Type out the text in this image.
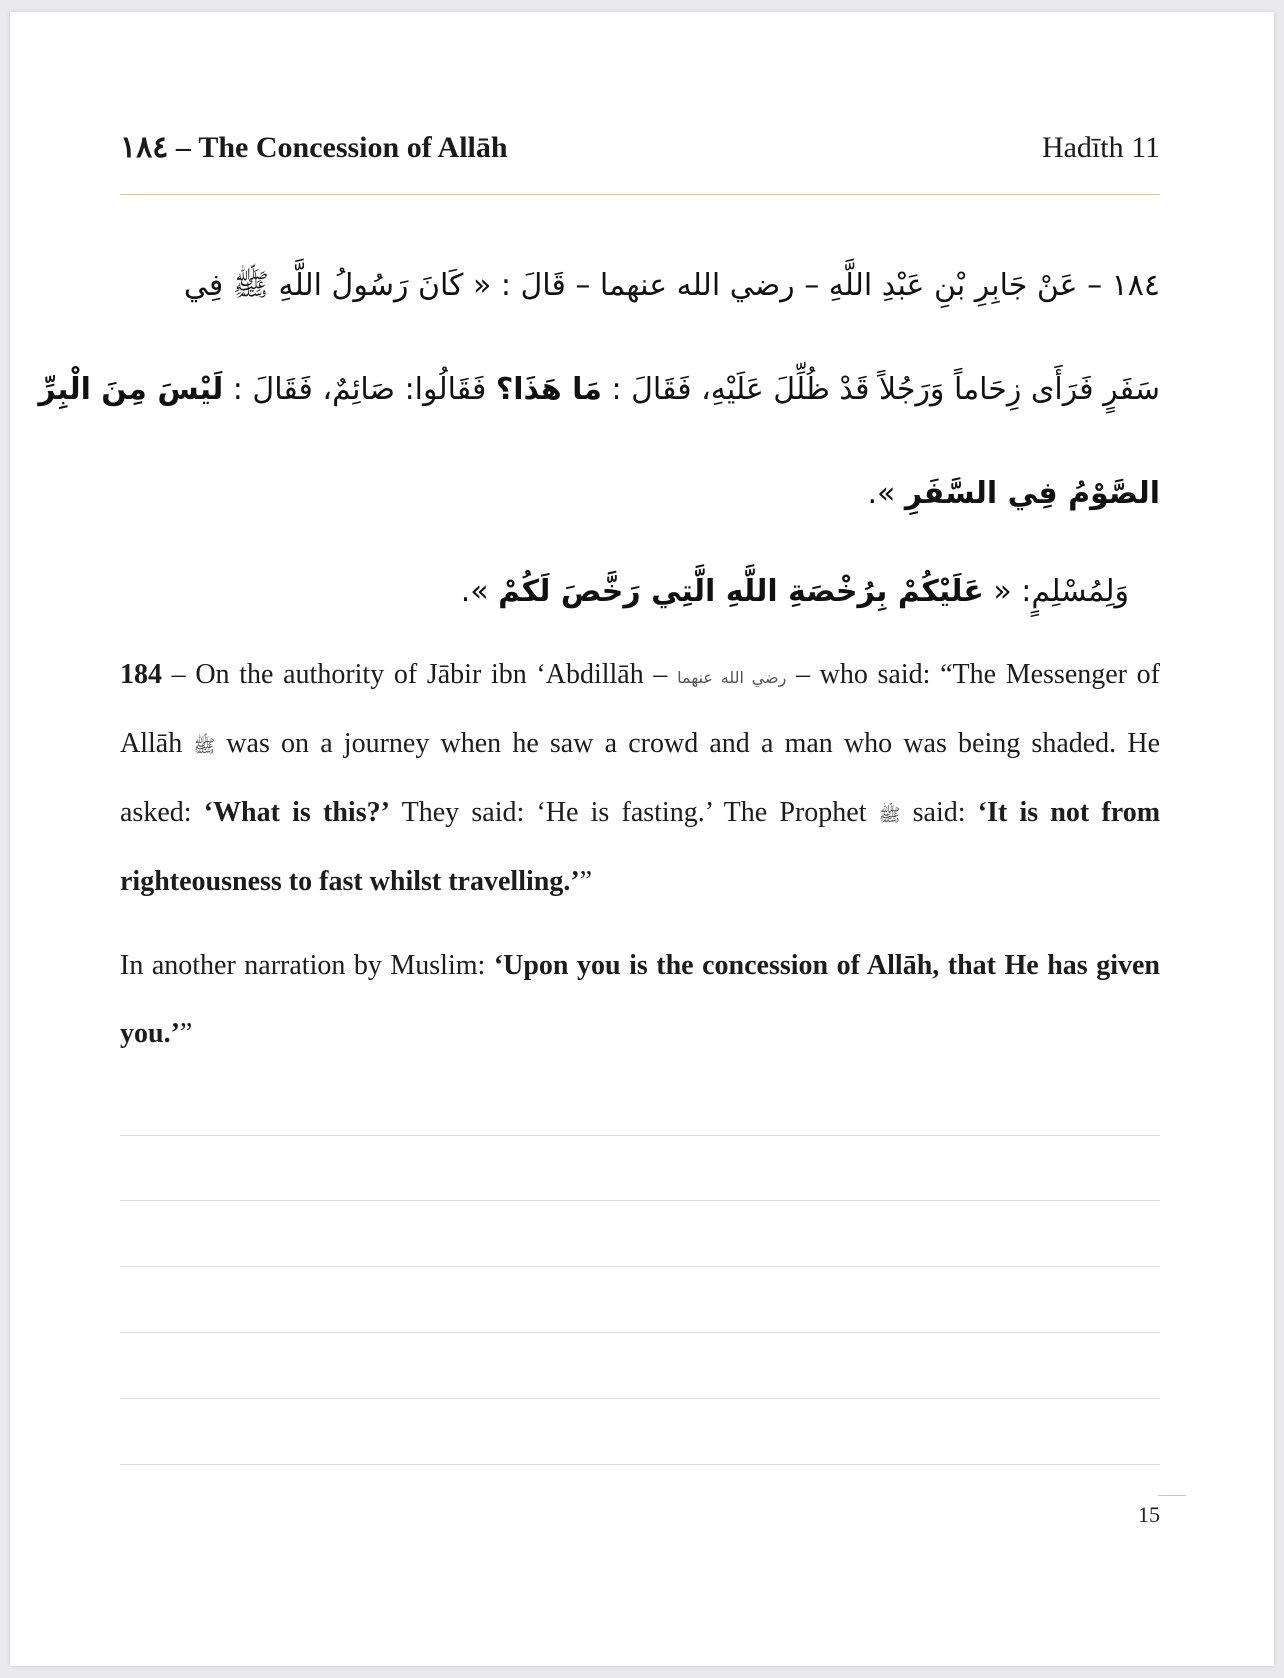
١٨٤ – The Concession of Allāh	Hadīth 11
١٨٤ – عَنْ جَابِرِ بْنِ عَبْدِ اللَّهِ – رضي الله عنهما – قَالَ : « كَانَ رَسُولُ اللَّهِ ﷺ فِي
سَفَرٍ فَرَأَى زِحَاماً وَرَجُلاً قَدْ ظُلِّلَ عَلَيْهِ، فَقَالَ : مَا هَذَا؟ فَقَالُوا: صَائِمٌ، فَقَالَ : لَيْسَ مِنَ الْبِرِّ
الصَّوْمُ فِي السَّفَرِ ».
وَلِمُسْلِمٍ: « عَلَيْكُمْ بِرُخْصَةِ اللَّهِ الَّتِي رَخَّصَ لَكُمْ ».
184 – On the authority of Jābir ibn ‘Abdillāh – رضي الله عنهما – who said: “The Messenger of Allāh ﷺ was on a journey when he saw a crowd and a man who was being shaded. He asked: ‘What is this?’ They said: ‘He is fasting.’ The Prophet ﷺ said: ‘It is not from righteousness to fast whilst travelling.’”
In another narration by Muslim: ‘Upon you is the concession of Allāh, that He has given you.’”
15
